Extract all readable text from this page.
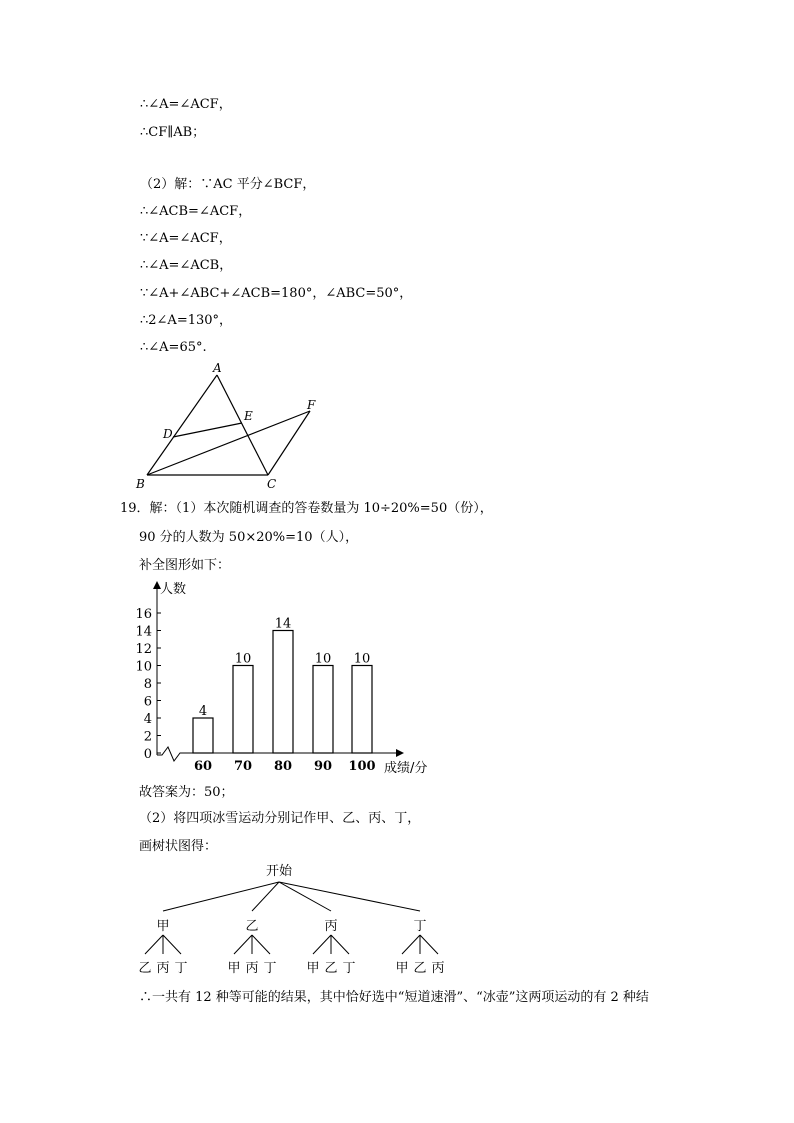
∴∠A=∠ACF，
∴CF∥AB；
（2）解：∵AC 平分∠BCF，
∴∠ACB=∠ACF，
∵∠A=∠ACF，
∴∠A=∠ACB，
∵∠A+∠ABC+∠ACB=180°，∠ABC=50°，
∴2∠A=130°，
∴∠A=65°.
A
B	C
D
E
F
19．解：（1）本次随机调查的答卷数量为 10÷20%=50（份），
90 分的人数为 50×20%=10（人），
补全图形如下：
人数
成绩/分
0
2
4
6
8
10
12
14
16
4
60
10
70
14
80
10
90
10
100
故答案为：50；
（2）将四项冰雪运动分别记作甲、乙、丙、丁，
画树状图得：
开始
甲
乙 丙 丁
乙
甲 丙 丁
丙
甲 乙 丁
丁
甲 乙 丙
∴一共有 12 种等可能的结果，其中恰好选中“短道速滑”、“冰壶”这两项运动的有 2 种结
